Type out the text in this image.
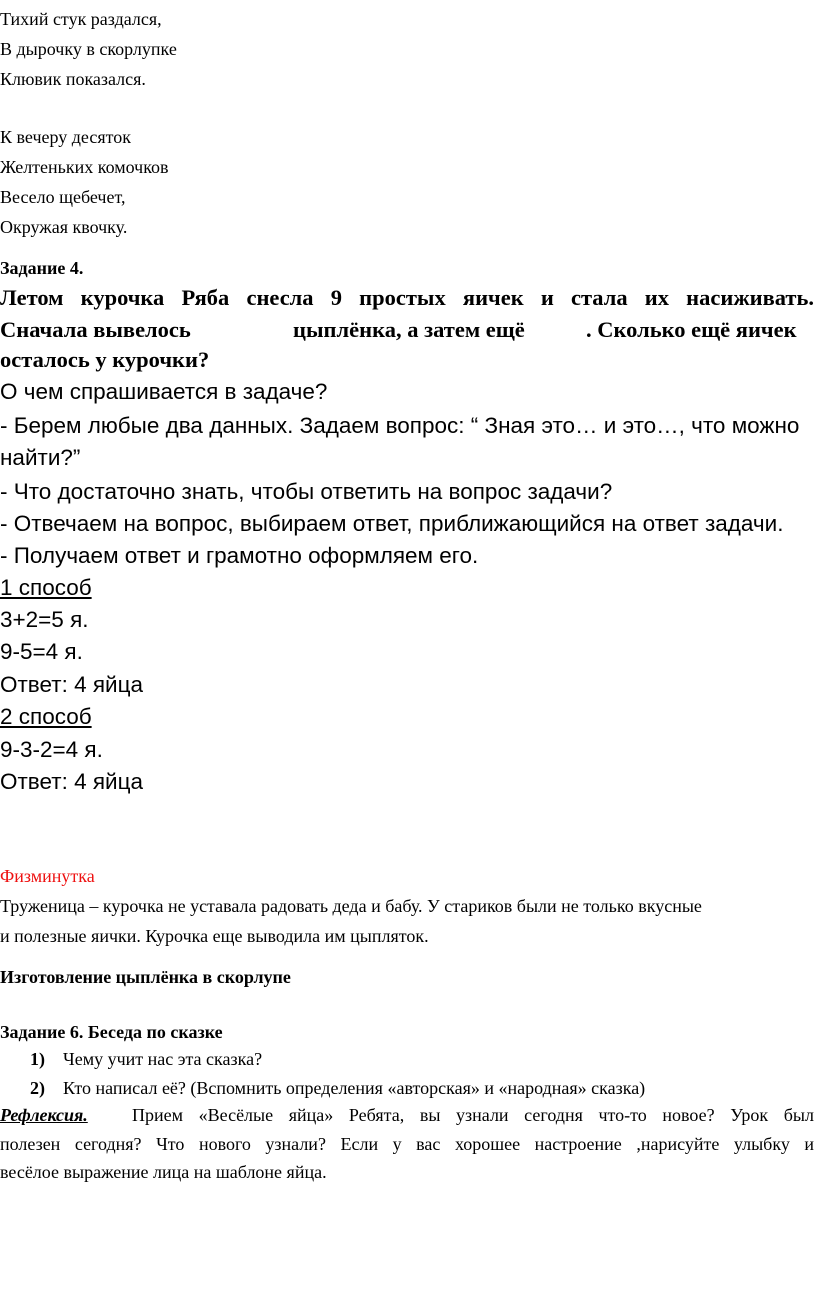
Тихий стук раздался,
В дырочку в скорлупке
Клювик показался.
К вечеру десяток
Желтеньких комочков
Весело щебечет,
Окружая квочку.
Задание 4.
Летом курочка Ряба снесла 9 простых яичек и стала их насиживать.
Сначала вывелось	цыплёнка, а затем ещё	. Сколько ещё яичек
осталось у курочки?
О чем спрашивается в задаче?
- Берем любые два данных. Задаем вопрос: “ Зная это… и это…, что можно
найти?”
- Что достаточно знать, чтобы ответить на вопрос задачи?
- Отвечаем на вопрос, выбираем ответ, приближающийся на ответ задачи.
- Получаем ответ и грамотно оформляем его.
1 способ
3+2=5 я.
9-5=4 я.
Ответ: 4 яйца
2 способ
9-3-2=4 я.
Ответ: 4 яйца
Физминутка
Труженица – курочка не уставала радовать деда и бабу. У стариков были не только вкусные
и полезные яички. Курочка еще выводила им цыпляток.
Изготовление цыплёнка в скорлупе
Задание 6. Беседа по сказке
1) Чему учит нас эта сказка?
2) Кто написал её? (Вспомнить определения «авторская» и «народная» сказка)
Рефлексия. Прием «Весёлые яйца» Ребята, вы узнали сегодня что-то новое? Урок был
полезен сегодня? Что нового узнали? Если у вас хорошее настроение ,нарисуйте улыбку и
весёлое выражение лица на шаблоне яйца.
